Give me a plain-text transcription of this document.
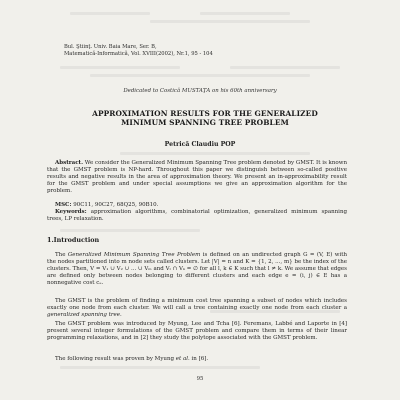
Bul. Ştiinţ. Univ. Baia Mare, Ser. B,
Matematică-Informatică, Vol. XVIII(2002), Nr.1, 95 - 104
Dedicated to Costică MUSTAŢA on his 60th anniversary
APPROXIMATION RESULTS FOR THE GENERALIZED MINIMUM SPANNING TREE PROBLEM
Petrică Claudiu POP
Abstract. We consider the Generalized Minimum Spanning Tree problem denoted by GMST. It is known that the GMST problem is NP-hard. Throughout this paper we distinguish between so-called positive results and negative results in the area of approximation theory. We present an in-approximability result for the GMST problem and under special assumptions we give an approximation algorithm for the problem.
MSC: 90C11, 90C27, 68Q25, 90B10.
Keywords: approximation algorithms, combinatorial optimization, generalized minimum spanning trees, LP relaxation.
1.Introduction
The Generalized Minimum Spanning Tree Problem is defined on an undirected graph G = (V, E) with the nodes partitioned into m node sets called clusters. Let |V| = n and K = {1, 2, ..., m} be the index of the clusters. Then, V = V₁ ∪ V₂ ∪ ... ∪ Vₘ and Vₗ ∩ Vₖ = ∅ for all l, k ∈ K such that l ≠ k. We assume that edges are defined only between nodes belonging to different clusters and each edge e = (i, j) ∈ E has a nonnegative cost cₑ.
The GMST is the problem of finding a minimum cost tree spanning a subset of nodes which includes exactly one node from each cluster. We will call a tree containing exactly one node from each cluster a generalized spanning tree.
The GMST problem was introduced by Myung, Lee and Tcha [6]. Feremans, Labbé and Laporte in [4] present several integer formulations of the GMST problem and compare them in terms of their linear programming relaxations, and in [2] they study the polytope associated with the GMST problem.
The following result was proven by Myung et al. in [6].
95
